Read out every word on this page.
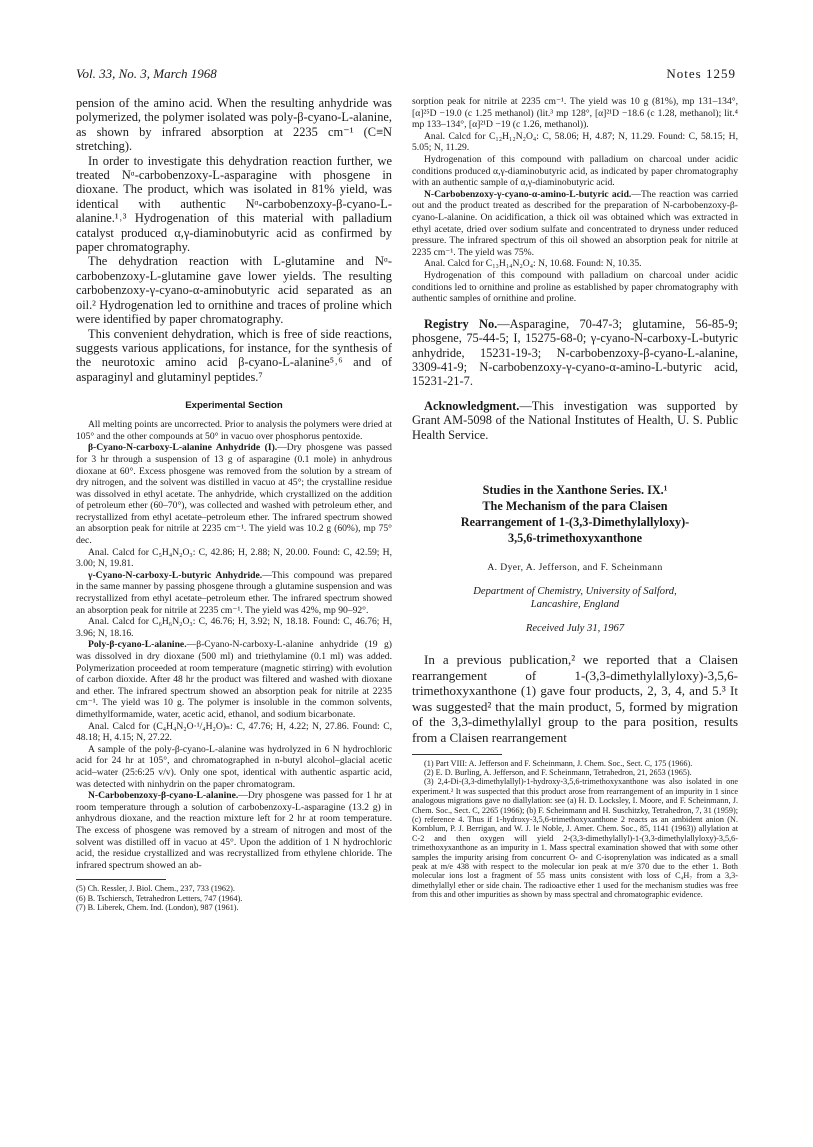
Vol. 33, No. 3, March 1968	Notes 1259

pension of the amino acid. When the resulting anhydride was polymerized, the polymer isolated was poly-β-cyano-L-alanine, as shown by infrared absorption at 2235 cm⁻¹ (C≡N stretching).

In order to investigate this dehydration reaction further, we treated Nᵅ-carbobenzoxy-L-asparagine with phosgene in dioxane. The product, which was isolated in 81% yield, was identical with authentic Nᵅ-carbobenzoxy-β-cyano-L-alanine.¹˒³ Hydrogenation of this material with palladium catalyst produced α,γ-diaminobutyric acid as confirmed by paper chromatography.

The dehydration reaction with L-glutamine and Nᵅ-carbobenzoxy-L-glutamine gave lower yields. The resulting carbobenzoxy-γ-cyano-α-aminobutyric acid separated as an oil.² Hydrogenation led to ornithine and traces of proline which were identified by paper chromatography.

This convenient dehydration, which is free of side reactions, suggests various applications, for instance, for the synthesis of the neurotoxic amino acid β-cyano-L-alanine⁵˒⁶ and of asparaginyl and glutaminyl peptides.⁷

Experimental Section

All melting points are uncorrected. Prior to analysis the polymers were dried at 105° and the other compounds at 50° in vacuo over phosphorus pentoxide.

β-Cyano-N-carboxy-L-alanine Anhydride (I).—Dry phosgene was passed for 3 hr through a suspension of 13 g of asparagine (0.1 mole) in anhydrous dioxane at 60°. Excess phosgene was removed from the solution by a stream of dry nitrogen, and the solvent was distilled in vacuo at 45°; the crystalline residue was dissolved in ethyl acetate. The anhydride, which crystallized on the addition of petroleum ether (60–70°), was collected and washed with petroleum ether, and recrystallized from ethyl acetate–petroleum ether. The infrared spectrum showed an absorption peak for nitrile at 2235 cm⁻¹. The yield was 10.2 g (60%), mp 75° dec.

Anal. Calcd for C₅H₄N₂O₃: C, 42.86; H, 2.88; N, 20.00. Found: C, 42.59; H, 3.00; N, 19.81.

γ-Cyano-N-carboxy-L-butyric Anhydride.—This compound was prepared in the same manner by passing phosgene through a glutamine suspension and was recrystallized from ethyl acetate–petroleum ether. The infrared spectrum showed an absorption peak for nitrile at 2235 cm⁻¹. The yield was 42%, mp 90–92°.

Anal. Calcd for C₆H₆N₂O₃: C, 46.76; H, 3.92; N, 18.18. Found: C, 46.76; H, 3.96; N, 18.16.

Poly-β-cyano-L-alanine.—β-Cyano-N-carboxy-L-alanine anhydride (19 g) was dissolved in dry dioxane (500 ml) and triethylamine (0.1 ml) was added. Polymerization proceeded at room temperature (magnetic stirring) with evolution of carbon dioxide. After 48 hr the product was filtered and washed with dioxane and ether. The infrared spectrum showed an absorption peak for nitrile at 2235 cm⁻¹. The yield was 10 g. The polymer is insoluble in the common solvents, dimethylformamide, water, acetic acid, ethanol, and sodium bicarbonate.

Anal. Calcd for (C₄H₄N₂O·¹/₄H₂O)ₙ: C, 47.76; H, 4.22; N, 27.86. Found: C, 48.18; H, 4.15; N, 27.22.

A sample of the poly-β-cyano-L-alanine was hydrolyzed in 6 N hydrochloric acid for 24 hr at 105°, and chromatographed in n-butyl alcohol–glacial acetic acid–water (25:6:25 v/v). Only one spot, identical with authentic aspartic acid, was detected with ninhydrin on the paper chromatogram.

N-Carbobenzoxy-β-cyano-L-alanine.—Dry phosgene was passed for 1 hr at room temperature through a solution of carbobenzoxy-L-asparagine (13.2 g) in anhydrous dioxane, and the reaction mixture left for 2 hr at room temperature. The excess of phosgene was removed by a stream of nitrogen and most of the solvent was distilled off in vacuo at 45°. Upon the addition of 1 N hydrochloric acid, the residue crystallized and was recrystallized from ethylene chloride. The infrared spectrum showed an ab-

(5) Ch. Ressler, J. Biol. Chem., 237, 733 (1962).

(6) B. Tschiersch, Tetrahedron Letters, 747 (1964).

(7) B. Liberek, Chem. Ind. (London), 987 (1961).

sorption peak for nitrile at 2235 cm⁻¹. The yield was 10 g (81%), mp 131–134°, [α]²⁵D −19.0 (c 1.25 methanol) (lit.³ mp 128°, [α]²¹D −18.6 (c 1.28, methanol); lit.⁴ mp 133–134°, [α]²¹D −19 (c 1.26, methanol)).

Anal. Calcd for C₁₂H₁₂N₂O₄: C, 58.06; H, 4.87; N, 11.29. Found: C, 58.15; H, 5.05; N, 11.29.

Hydrogenation of this compound with palladium on charcoal under acidic conditions produced α,γ-diaminobutyric acid, as indicated by paper chromatography with an authentic sample of α,γ-diaminobutyric acid.

N-Carbobenzoxy-γ-cyano-α-amino-L-butyric acid.—The reaction was carried out and the product treated as described for the preparation of N-carbobenzoxy-β-cyano-L-alanine. On acidification, a thick oil was obtained which was extracted in ethyl acetate, dried over sodium sulfate and concentrated to dryness under reduced pressure. The infrared spectrum of this oil showed an absorption peak for nitrile at 2235 cm⁻¹. The yield was 75%.

Anal. Calcd for C₁₃H₁₄N₂O₄: N, 10.68. Found: N, 10.35.

Hydrogenation of this compound with palladium on charcoal under acidic conditions led to ornithine and proline as established by paper chromatography with authentic samples of ornithine and proline.

Registry No.—Asparagine, 70-47-3; glutamine, 56-85-9; phosgene, 75-44-5; I, 15275-68-0; γ-cyano-N-carboxy-L-butyric anhydride, 15231-19-3; N-carbobenzoxy-β-cyano-L-alanine, 3309-41-9; N-carbobenzoxy-γ-cyano-α-amino-L-butyric acid, 15231-21-7.

Acknowledgment.—This investigation was supported by Grant AM-5098 of the National Institutes of Health, U. S. Public Health Service.

Studies in the Xanthone Series. IX.¹
The Mechanism of the para Claisen
Rearrangement of 1-(3,3-Dimethylallyloxy)-
3,5,6-trimethoxyxanthone
A. Dyer, A. Jefferson, and F. Scheinmann
Department of Chemistry, University of Salford,
Lancashire, England
Received July 31, 1967

In a previous publication,² we reported that a Claisen rearrangement of 1-(3,3-dimethylallyloxy)-3,5,6-trimethoxyxanthone (1) gave four products, 2, 3, 4, and 5.³ It was suggested² that the main product, 5, formed by migration of the 3,3-dimethylallyl group to the para position, results from a Claisen rearrangement

(1) Part VIII: A. Jefferson and F. Scheinmann, J. Chem. Soc., Sect. C, 175 (1966).

(2) E. D. Burling, A. Jefferson, and F. Scheinmann, Tetrahedron, 21, 2653 (1965).

(3) 2,4-Di-(3,3-dimethylallyl)-1-hydroxy-3,5,6-trimethoxyxanthone was also isolated in one experiment.² It was suspected that this product arose from rearrangement of an impurity in 1 since analogous migrations gave no diallylation: see (a) H. D. Locksley, I. Moore, and F. Scheinmann, J. Chem. Soc., Sect. C, 2265 (1966); (b) F. Scheinmann and H. Suschitzky, Tetrahedron, 7, 31 (1959); (c) reference 4. Thus if 1-hydroxy-3,5,6-trimethoxyxanthone 2 reacts as an ambident anion (N. Kornblum, P. J. Berrigan, and W. J. le Noble, J. Amer. Chem. Soc., 85, 1141 (1963)) allylation at C-2 and then oxygen will yield 2-(3,3-dimethylallyl)-1-(3,3-dimethylallyloxy)-3,5,6-trimethoxyxanthone as an impurity in 1. Mass spectral examination showed that with some other samples the impurity arising from concurrent O- and C-isoprenylation was indicated as a small peak at m/e 438 with respect to the molecular ion peak at m/e 370 due to the ether 1. Both molecular ions lost a fragment of 55 mass units consistent with loss of C₄H₇ from a 3,3-dimethylallyl ether or side chain. The radioactive ether 1 used for the mechanism studies was free from this and other impurities as shown by mass spectral and chromatographic evidence.
